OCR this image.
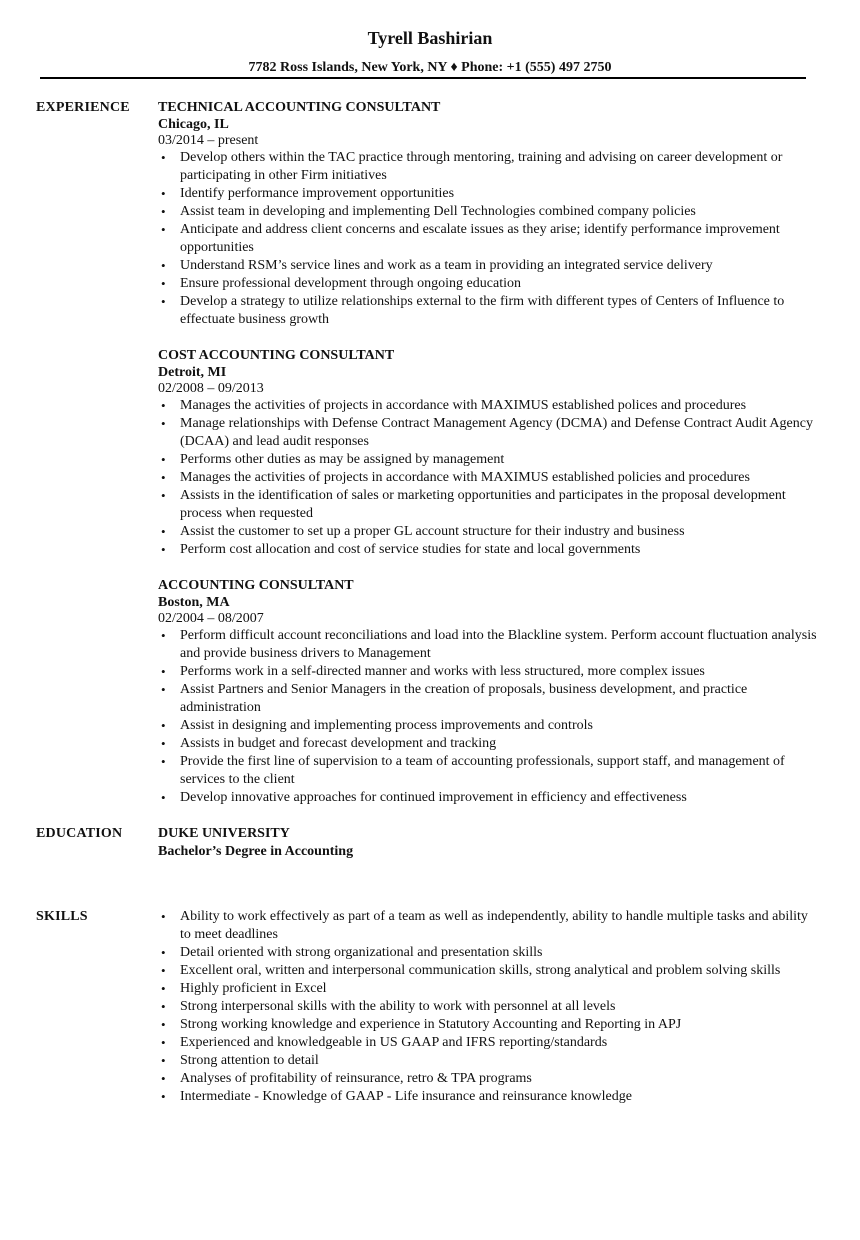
Tyrell Bashirian
7782 Ross Islands, New York, NY ♦ Phone: +1 (555) 497 2750
EXPERIENCE TECHNICAL ACCOUNTING CONSULTANT
Chicago, IL
03/2014 – present
• Develop others within the TAC practice through mentoring, training and advising on career development or participating in other Firm initiatives
• Identify performance improvement opportunities
• Assist team in developing and implementing Dell Technologies combined company policies
• Anticipate and address client concerns and escalate issues as they arise; identify performance improvement opportunities
• Understand RSM’s service lines and work as a team in providing an integrated service delivery
• Ensure professional development through ongoing education
• Develop a strategy to utilize relationships external to the firm with different types of Centers of Influence to effectuate business growth
COST ACCOUNTING CONSULTANT
Detroit, MI
02/2008 – 09/2013
• Manages the activities of projects in accordance with MAXIMUS established polices and procedures
• Manage relationships with Defense Contract Management Agency (DCMA) and Defense Contract Audit Agency (DCAA) and lead audit responses
• Performs other duties as may be assigned by management
• Manages the activities of projects in accordance with MAXIMUS established policies and procedures
• Assists in the identification of sales or marketing opportunities and participates in the proposal development process when requested
• Assist the customer to set up a proper GL account structure for their industry and business
• Perform cost allocation and cost of service studies for state and local governments
ACCOUNTING CONSULTANT
Boston, MA
02/2004 – 08/2007
• Perform difficult account reconciliations and load into the Blackline system. Perform account fluctuation analysis and provide business drivers to Management
• Performs work in a self-directed manner and works with less structured, more complex issues
• Assist Partners and Senior Managers in the creation of proposals, business development, and practice administration
• Assist in designing and implementing process improvements and controls
• Assists in budget and forecast development and tracking
• Provide the first line of supervision to a team of accounting professionals, support staff, and management of services to the client
• Develop innovative approaches for continued improvement in efficiency and effectiveness
EDUCATION	DUKE UNIVERSITY
Bachelor’s Degree in Accounting
SKILLS
•	Ability to work effectively as part of a team as well as independently, ability to handle multiple tasks and ability to meet deadlines
• Detail oriented with strong organizational and presentation skills
• Excellent oral, written and interpersonal communication skills, strong analytical and problem solving skills
• Highly proficient in Excel
• Strong interpersonal skills with the ability to work with personnel at all levels
• Strong working knowledge and experience in Statutory Accounting and Reporting in APJ
• Experienced and knowledgeable in US GAAP and IFRS reporting/standards
• Strong attention to detail
• Analyses of profitability of reinsurance, retro & TPA programs
• Intermediate - Knowledge of GAAP - Life insurance and reinsurance knowledge
